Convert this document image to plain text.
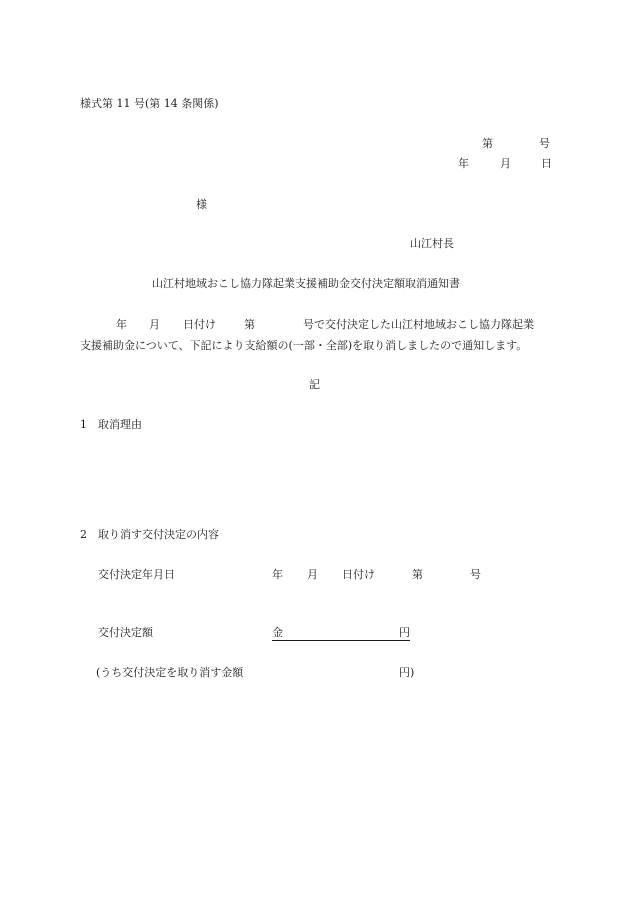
様式第 11 号(第 14 条関係)

第	号
年	月	日
様
山江村長

山江村地域おこし協力隊起業支援補助金交付決定額取消通知書

年 月 日付け	第	号で交付決定した山江村地域おこし協力隊起業

支援補助金について、下記により支給額の(一部・全部)を取り消しましたので通知します。

記

1　取消理由

2　取り消す交付決定の内容

交付決定年月日	年 月 日付け	第	号
交付決定額	金	円
(うち交付決定を取り消す金額	円)
